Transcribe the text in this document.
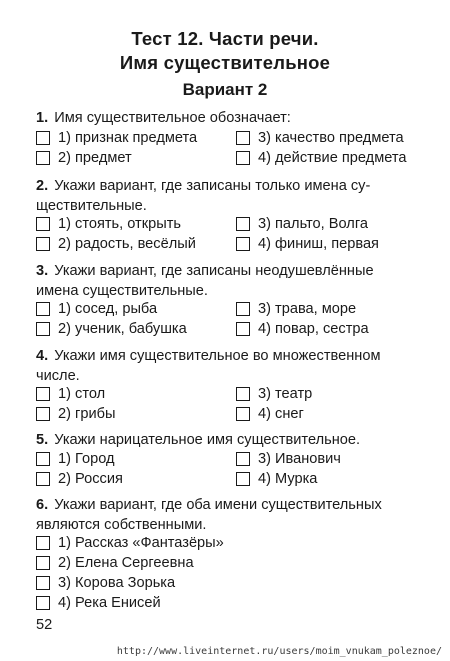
Тест 12. Части речи.
Имя существительное
Вариант 2
1. Имя существительное обозначает:
1) признак предмета	3) качество предмета
2) предмет	4) действие предмета
2. Укажи вариант, где записаны только имена су-
ществительные.
1) стоять, открыть	3) пальто, Волга
2) радость, весёлый	4) финиш, первая
3. Укажи вариант, где записаны неодушевлённые
имена существительные.
1) сосед, рыба	3) трава, море
2) ученик, бабушка	4) повар, сестра
4. Укажи имя существительное во множественном
числе.
1) стол	3) театр
2) грибы	4) снег
5. Укажи нарицательное имя существительное.
1) Город	3) Иванович
2) Россия	4) Мурка
6. Укажи вариант, где оба имени существительных
являются собственными.
1) Рассказ «Фантазёры»
2) Елена Сергеевна
3) Корова Зорька
4) Река Енисей
52
http://www.liveinternet.ru/users/moim_vnukam_poleznoe/
